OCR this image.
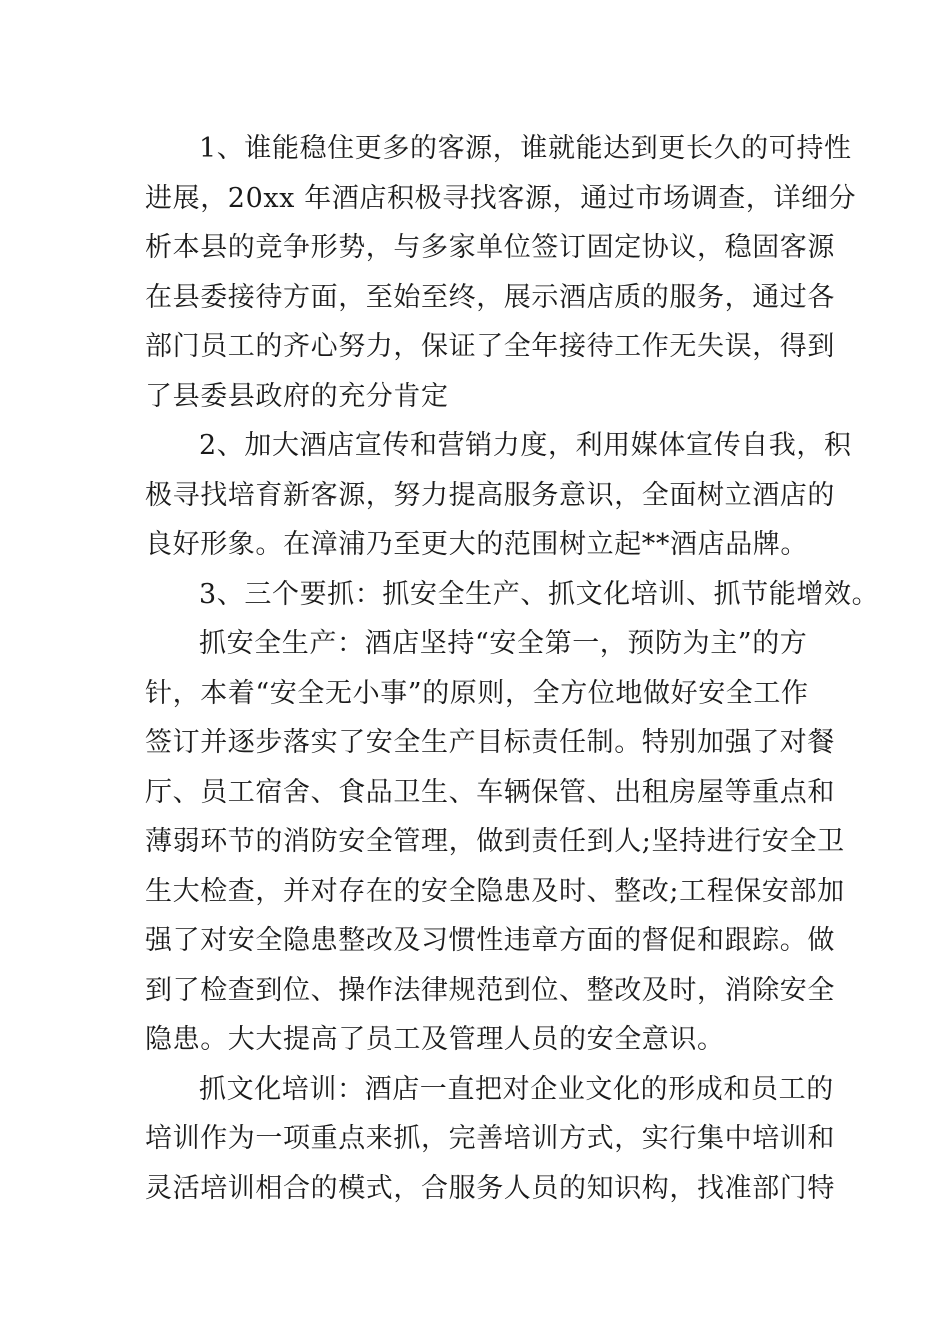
1、谁能稳住更多的客源，谁就能达到更长久的可持性
进展，20xx 年酒店积极寻找客源，通过市场调查，详细分
析本县的竞争形势，与多家单位签订固定协议，稳固客源
在县委接待方面，至始至终，展示酒店质的服务，通过各
部门员工的齐心努力，保证了全年接待工作无失误，得到
了县委县政府的充分肯定
2、加大酒店宣传和营销力度，利用媒体宣传自我，积
极寻找培育新客源，努力提高服务意识，全面树立酒店的
良好形象。在漳浦乃至更大的范围树立起**酒店品牌。
3、三个要抓：抓安全生产、抓文化培训、抓节能增效。
抓安全生产：酒店坚持“安全第一，预防为主”的方
针，本着“安全无小事”的原则，全方位地做好安全工作
签订并逐步落实了安全生产目标责任制。特别加强了对餐
厅、员工宿舍、食品卫生、车辆保管、出租房屋等重点和
薄弱环节的消防安全管理，做到责任到人;坚持进行安全卫
生大检查，并对存在的安全隐患及时、整改;工程保安部加
强了对安全隐患整改及习惯性违章方面的督促和跟踪。做
到了检查到位、操作法律规范到位、整改及时，消除安全
隐患。大大提高了员工及管理人员的安全意识。
抓文化培训：酒店一直把对企业文化的形成和员工的
培训作为一项重点来抓，完善培训方式，实行集中培训和
灵活培训相合的模式，合服务人员的知识构，找准部门特
